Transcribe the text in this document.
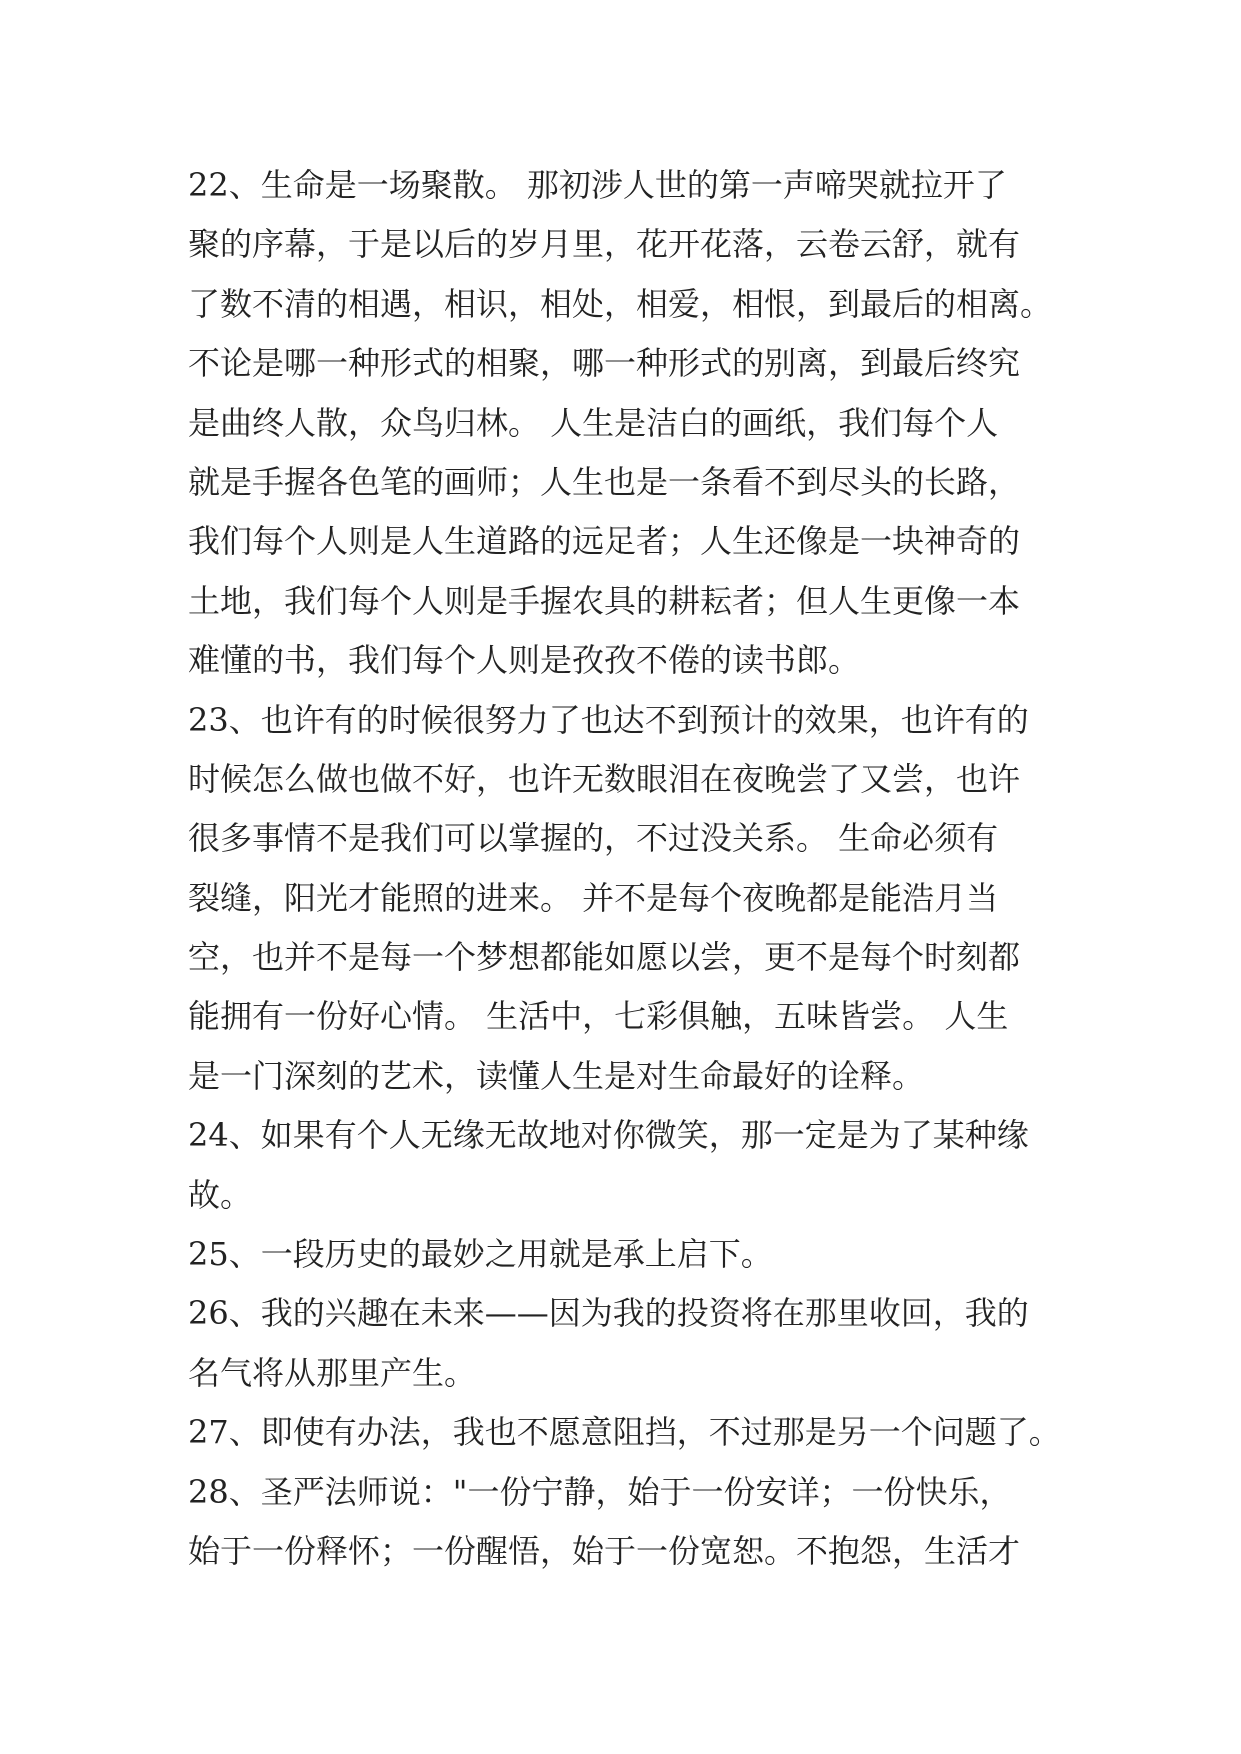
22、生命是一场聚散。 那初涉人世的第一声啼哭就拉开了
聚的序幕，于是以后的岁月里，花开花落，云卷云舒，就有
了数不清的相遇，相识，相处，相爱，相恨，到最后的相离。
不论是哪一种形式的相聚，哪一种形式的别离，到最后终究
是曲终人散，众鸟归林。 人生是洁白的画纸，我们每个人
就是手握各色笔的画师；人生也是一条看不到尽头的长路，
我们每个人则是人生道路的远足者；人生还像是一块神奇的
土地，我们每个人则是手握农具的耕耘者；但人生更像一本
难懂的书，我们每个人则是孜孜不倦的读书郎。
23、也许有的时候很努力了也达不到预计的效果，也许有的
时候怎么做也做不好，也许无数眼泪在夜晚尝了又尝，也许
很多事情不是我们可以掌握的，不过没关系。 生命必须有
裂缝，阳光才能照的进来。 并不是每个夜晚都是能浩月当
空，也并不是每一个梦想都能如愿以尝，更不是每个时刻都
能拥有一份好心情。 生活中，七彩俱触，五味皆尝。 人生
是一门深刻的艺术，读懂人生是对生命最好的诠释。
24、如果有个人无缘无故地对你微笑，那一定是为了某种缘
故。
25、一段历史的最妙之用就是承上启下。
26、我的兴趣在未来——因为我的投资将在那里收回，我的
名气将从那里产生。
27、即使有办法，我也不愿意阻挡，不过那是另一个问题了。
28、圣严法师说："一份宁静，始于一份安详；一份快乐，
始于一份释怀；一份醒悟，始于一份宽恕。不抱怨，生活才
